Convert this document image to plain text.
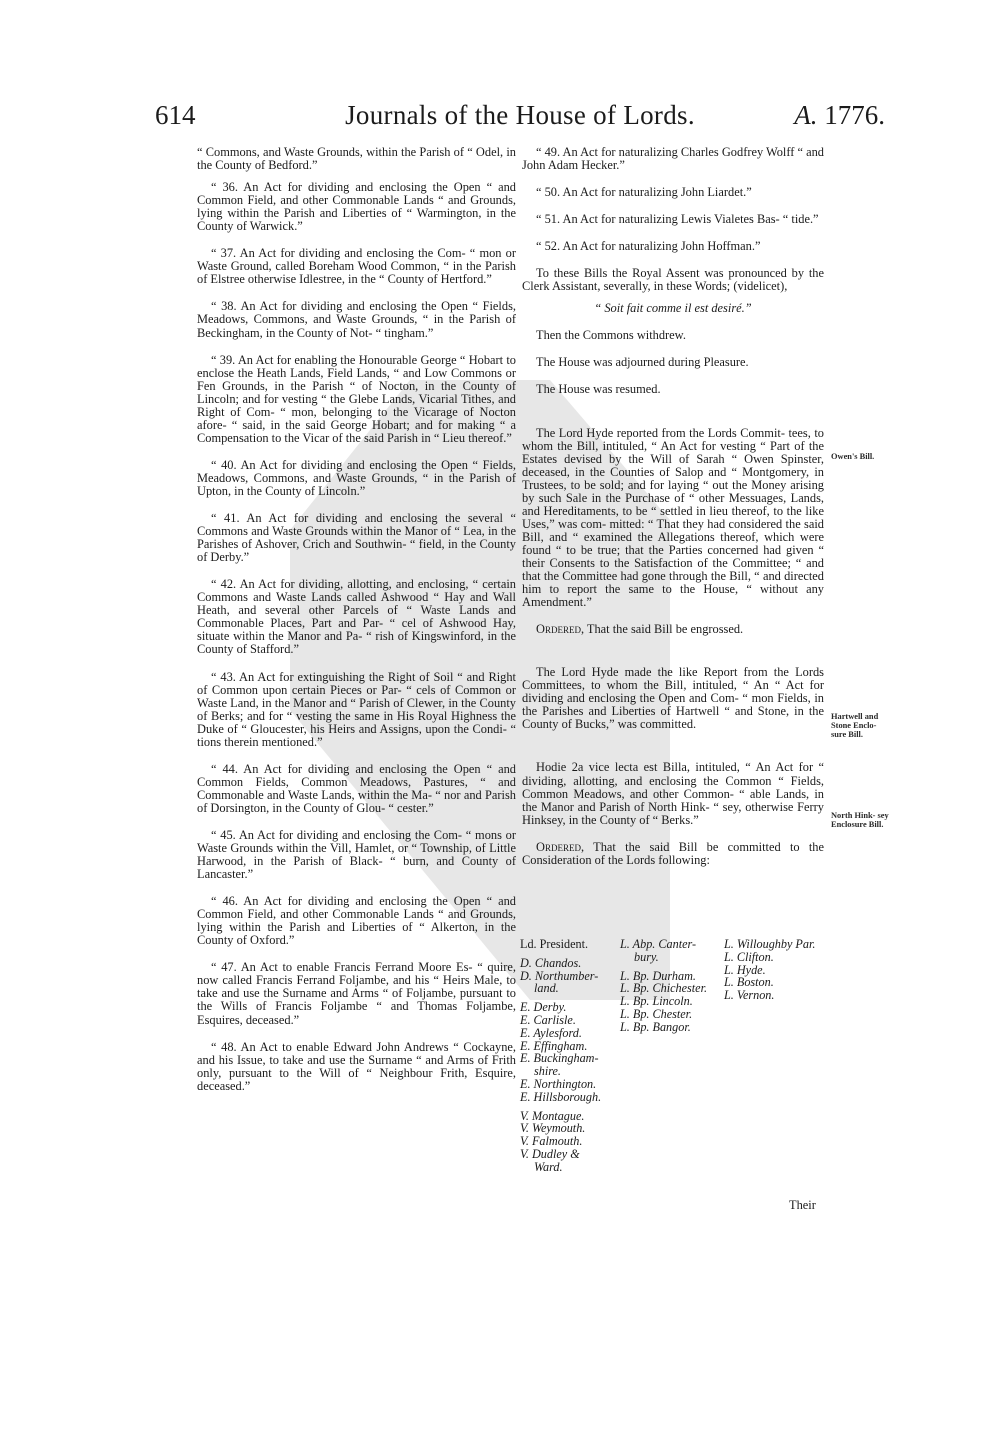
614	Journals of the House of Lords.	A. 1776.

“ Commons, and Waste Grounds, within the Parish of “ Odel, in the County of Bedford.”

“ 36. An Act for dividing and enclosing the Open “ and Common Field, and other Commonable Lands “ and Grounds, lying within the Parish and Liberties of “ Warmington, in the County of Warwick.”

“ 37. An Act for dividing and enclosing the Com- “ mon or Waste Ground, called Boreham Wood Common, “ in the Parish of Elstree otherwise Idlestree, in the “ County of Hertford.”

“ 38. An Act for dividing and enclosing the Open “ Fields, Meadows, Commons, and Waste Grounds, “ in the Parish of Beckingham, in the County of Not- “ tingham.”

“ 39. An Act for enabling the Honourable George “ Hobart to enclose the Heath Lands, Field Lands, “ and Low Commons or Fen Grounds, in the Parish “ of Nocton, in the County of Lincoln; and for vesting “ the Glebe Lands, Vicarial Tithes, and Right of Com- “ mon, belonging to the Vicarage of Nocton afore- “ said, in the said George Hobart; and for making “ a Compensation to the Vicar of the said Parish in “ Lieu thereof.”

“ 40. An Act for dividing and enclosing the Open “ Fields, Meadows, Commons, and Waste Grounds, “ in the Parish of Upton, in the County of Lincoln.”

“ 41. An Act for dividing and enclosing the several “ Commons and Waste Grounds within the Manor of “ Lea, in the Parishes of Ashover, Crich and Southwin- “ field, in the County of Derby.”

“ 42. An Act for dividing, allotting, and enclosing, “ certain Commons and Waste Lands called Ashwood “ Hay and Wall Heath, and several other Parcels of “ Waste Lands and Commonable Places, Part and Par- “ cel of Ashwood Hay, situate within the Manor and Pa- “ rish of Kingswinford, in the County of Stafford.”

“ 43. An Act for extinguishing the Right of Soil “ and Right of Common upon certain Pieces or Par- “ cels of Common or Waste Land, in the Manor and “ Parish of Clewer, in the County of Berks; and for “ vesting the same in His Royal Highness the Duke of “ Gloucester, his Heirs and Assigns, upon the Condi- “ tions therein mentioned.”

“ 44. An Act for dividing and enclosing the Open “ and Common Fields, Common Meadows, Pastures, “ and Commonable and Waste Lands, within the Ma- “ nor and Parish of Dorsington, in the County of Glou- “ cester.”

“ 45. An Act for dividing and enclosing the Com- “ mons or Waste Grounds within the Vill, Hamlet, or “ Township, of Little Harwood, in the Parish of Black- “ burn, and County of Lancaster.”

“ 46. An Act for dividing and enclosing the Open “ and Common Field, and other Commonable Lands “ and Grounds, lying within the Parish and Liberties of “ Alkerton, in the County of Oxford.”

“ 47. An Act to enable Francis Ferrand Moore Es- “ quire, now called Francis Ferrand Foljambe, and his “ Heirs Male, to take and use the Surname and Arms “ of Foljambe, pursuant to the Wills of Francis Foljambe “ and Thomas Foljambe, Esquires, deceased.”

“ 48. An Act to enable Edward John Andrews “ Cockayne, and his Issue, to take and use the Surname “ and Arms of Frith only, pursuant to the Will of “ Neighbour Frith, Esquire, deceased.”

“ 49. An Act for naturalizing Charles Godfrey Wolff “ and John Adam Hecker.”

“ 50. An Act for naturalizing John Liardet.”

“ 51. An Act for naturalizing Lewis Vialetes Bas- “ tide.”

“ 52. An Act for naturalizing John Hoffman.”

To these Bills the Royal Assent was pronounced by the Clerk Assistant, severally, in these Words; (videlicet),

“ Soit fait comme il est desiré.”

Then the Commons withdrew.

The House was adjourned during Pleasure.

The House was resumed.

The Lord Hyde reported from the Lords Commit- tees, to whom the Bill, intituled, “ An Act for vesting “ Part of the Estates devised by the Will of Sarah “ Owen Spinster, deceased, in the Counties of Salop and “ Montgomery, in Trustees, to be sold; and for laying “ out the Money arising by such Sale in the Purchase of “ other Messuages, Lands, and Hereditaments, to be “ settled in lieu thereof, to the like Uses,” was com- mitted: “ That they had considered the said Bill, and “ examined the Allegations thereof, which were found “ to be true; that the Parties concerned had given “ their Consents to the Satisfaction of the Committee; “ and that the Committee had gone through the Bill, “ and directed him to report the same to the House, “ without any Amendment.”

Ordered, That the said Bill be engrossed.

The Lord Hyde made the like Report from the Lords Committees, to whom the Bill, intituled, “ An “ Act for dividing and enclosing the Open and Com- “ mon Fields, in the Parishes and Liberties of Hartwell “ and Stone, in the County of Bucks,” was committed.

Hodie 2a vice lecta est Billa, intituled, “ An Act for “ dividing, allotting, and enclosing the Common “ Fields, Common Meadows, and other Common- “ able Lands, in the Manor and Parish of North Hink- “ sey, otherwise Ferry Hinksey, in the County of “ Berks.”

Ordered, That the said Bill be committed to the Consideration of the Lords following:

Owen's Bill.
Hartwell and Stone Enclo- sure Bill.
North Hink- sey Enclosure Bill.
Ld. President.
D. Chandos.
D. Northumber-
land.
E. Derby.
E. Carlisle.
E. Aylesford.
E. Effingham.
E. Buckingham-
shire.
E. Northington.
E. Hillsborough.
V. Montague.
V. Weymouth.
V. Falmouth.
V. Dudley &
Ward.
L. Abp. Canter-
bury.
L. Bp. Durham.
L. Bp. Chichester.
L. Bp. Lincoln.
L. Bp. Chester.
L. Bp. Bangor.
L. Willoughby Par.
L. Clifton.
L. Hyde.
L. Boston.
L. Vernon.
Their
